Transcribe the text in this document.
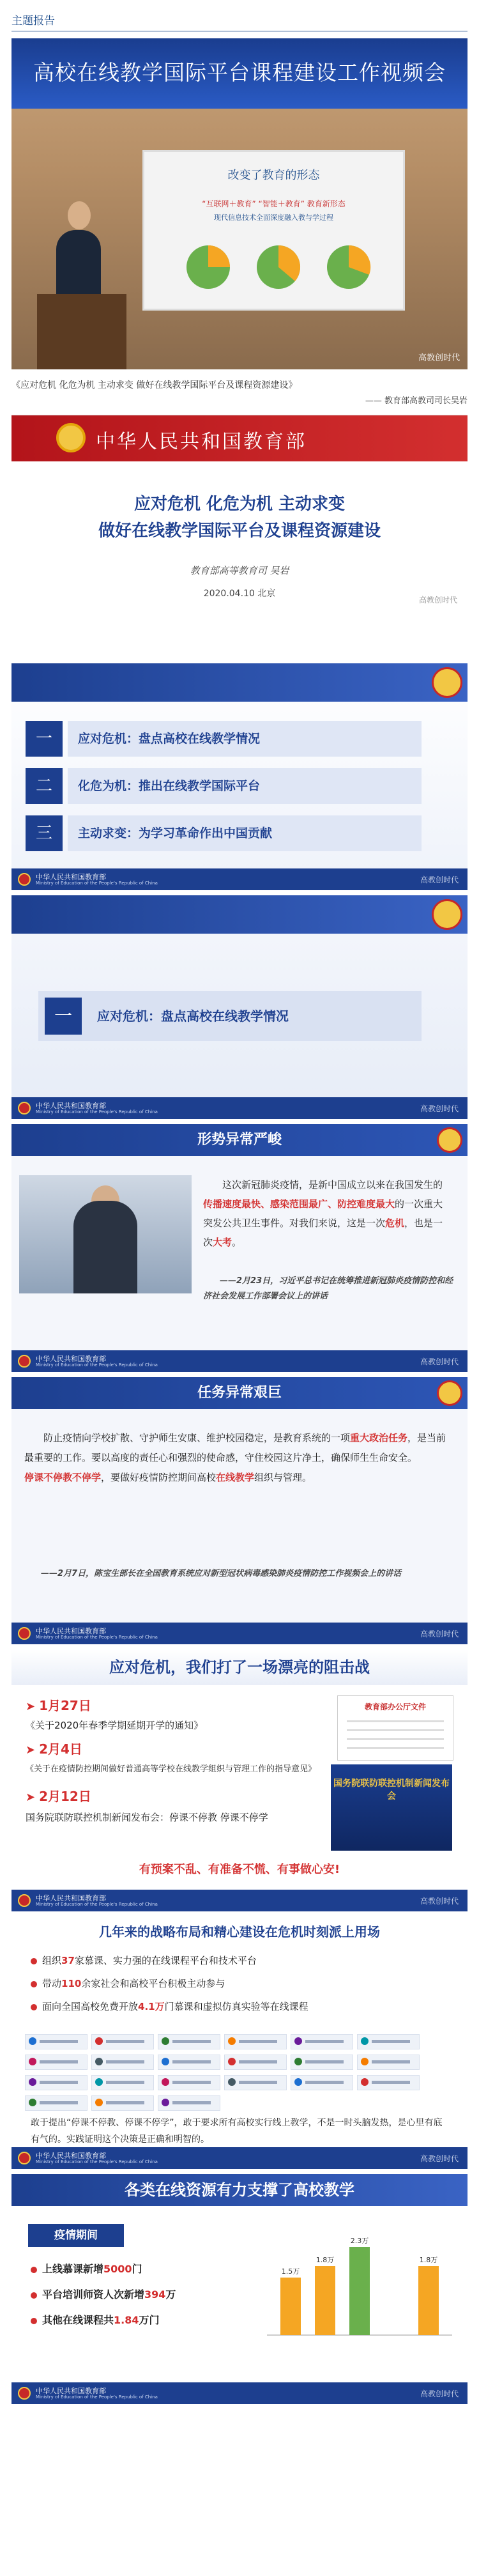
主题报告
高校在线教学国际平台课程建设工作视频会
改变了教育的形态
“互联网＋教育” “智能＋教育” 教育新形态
现代信息技术全面深度融入教与学过程
高教创时代
《应对危机 化危为机 主动求变 做好在线教学国际平台及课程资源建设》
—— 教育部高教司司长吴岩
中华人民共和国教育部
应对危机 化危为机 主动求变
做好在线教学国际平台及课程资源建设
教育部高等教育司 吴岩
2020.04.10 北京
高教创时代
一	应对危机：盘点高校在线教学情况
二	化危为机：推出在线教学国际平台
三	主动求变：为学习革命作出中国贡献
中华人民共和国教育部
Ministry of Education of the People's Republic of China	高教创时代
一	应对危机：盘点高校在线教学情况
中华人民共和国教育部
Ministry of Education of the People's Republic of China	高教创时代
形势异常严峻
这次新冠肺炎疫情，是新中国成立以来在我国发生的传播速度最快、感染范围最广、防控难度最大的一次重大突发公共卫生事件。对我们来说，这是一次危机，也是一次大考。
——2月23日，习近平总书记在统筹推进新冠肺炎疫情防控和经济社会发展工作部署会议上的讲话
中华人民共和国教育部
Ministry of Education of the People's Republic of China	高教创时代
任务异常艰巨
防止疫情向学校扩散、守护师生安康、维护校园稳定，是教育系统的一项重大政治任务，是当前最重要的工作。要以高度的责任心和强烈的使命感，守住校园这片净土，确保师生生命安全。
停课不停教不停学，要做好疫情防控期间高校在线教学组织与管理。
——2月7日，陈宝生部长在全国教育系统应对新型冠状病毒感染肺炎疫情防控工作视频会上的讲话
中华人民共和国教育部
Ministry of Education of the People's Republic of China	高教创时代
应对危机，我们打了一场漂亮的阻击战
➤ 1月27日
《关于2020年春季学期延期开学的通知》
➤ 2月4日
《关于在疫情防控期间做好普通高等学校在线教学组织与管理工作的指导意见》
➤ 2月12日
国务院联防联控机制新闻发布会：停课不停教 停课不停学
教育部办公厅文件
国务院联防联控机制新闻发布会
有预案不乱、有准备不慌、有事做心安!
中华人民共和国教育部
Ministry of Education of the People's Republic of China	高教创时代
几年来的战略布局和精心建设在危机时刻派上用场
组织37家慕课、实力强的在线课程平台和技术平台
带动110余家社会和高校平台积极主动参与
面向全国高校免费开放4.1万门慕课和虚拟仿真实验等在线课程
敢于提出“停课不停教、停课不停学”，敢于要求所有高校实行线上教学，不是一时头脑发热，是心里有底有气的。实践证明这个决策是正确和明智的。
中华人民共和国教育部
Ministry of Education of the People's Republic of China	高教创时代
各类在线资源有力支撑了高校教学
疫情期间
上线慕课新增5000门
平台培训师资人次新增394万
其他在线课程共1.84万门
1.5万
1.8万
2.3万
1.8万
中华人民共和国教育部
Ministry of Education of the People's Republic of China	高教创时代
